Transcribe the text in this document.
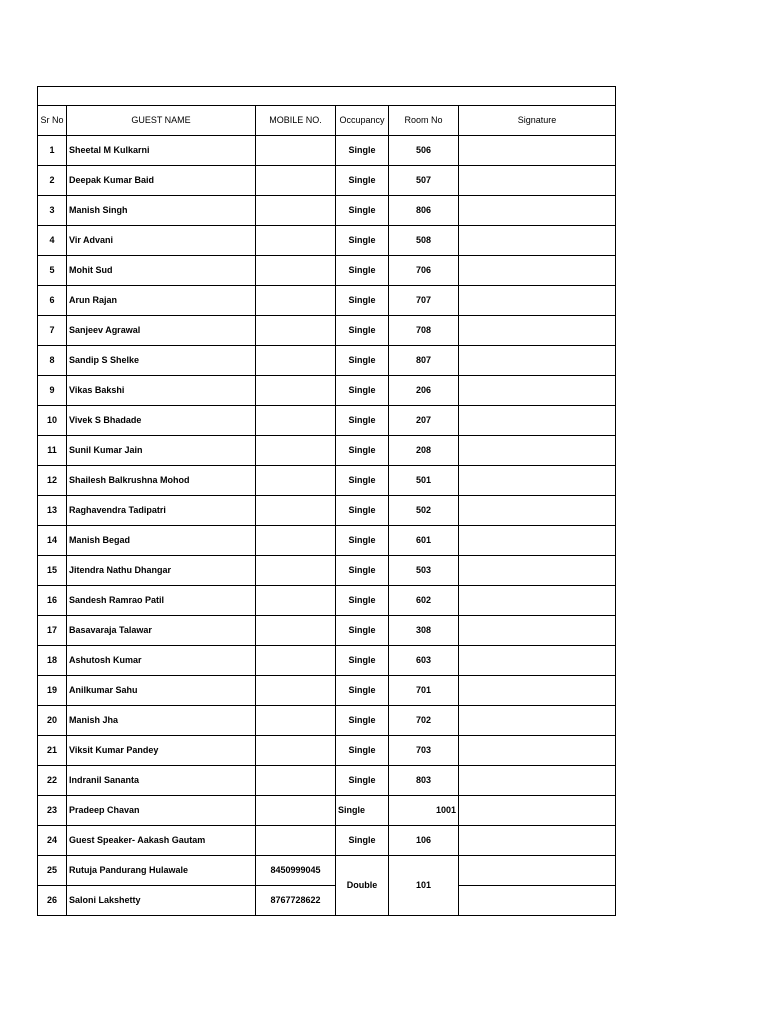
Sr No	GUEST NAME	MOBILE NO.	Occupancy	Room No	Signature
1	Sheetal M Kulkarni		Single	506	
2	Deepak Kumar Baid		Single	507	
3	Manish Singh		Single	806	
4	Vir Advani		Single	508	
5	Mohit Sud		Single	706	
6	Arun Rajan		Single	707	
7	Sanjeev Agrawal		Single	708	
8	Sandip S Shelke		Single	807	
9	Vikas Bakshi		Single	206	
10	Vivek S Bhadade		Single	207	
11	Sunil Kumar Jain		Single	208	
12	Shailesh Balkrushna Mohod		Single	501	
13	Raghavendra Tadipatri		Single	502	
14	Manish Begad		Single	601	
15	Jitendra Nathu Dhangar		Single	503	
16	Sandesh Ramrao Patil		Single	602	
17	Basavaraja Talawar		Single	308	
18	Ashutosh Kumar		Single	603	
19	Anilkumar Sahu		Single	701	
20	Manish Jha		Single	702	
21	Viksit Kumar Pandey		Single	703	
22	Indranil Sananta		Single	803	
23	Pradeep Chavan		Single	1001	
24	Guest Speaker- Aakash Gautam		Single	106	
25	Rutuja Pandurang Hulawale	8450999045	Double	101	
26	Saloni Lakshetty	8767728622			
